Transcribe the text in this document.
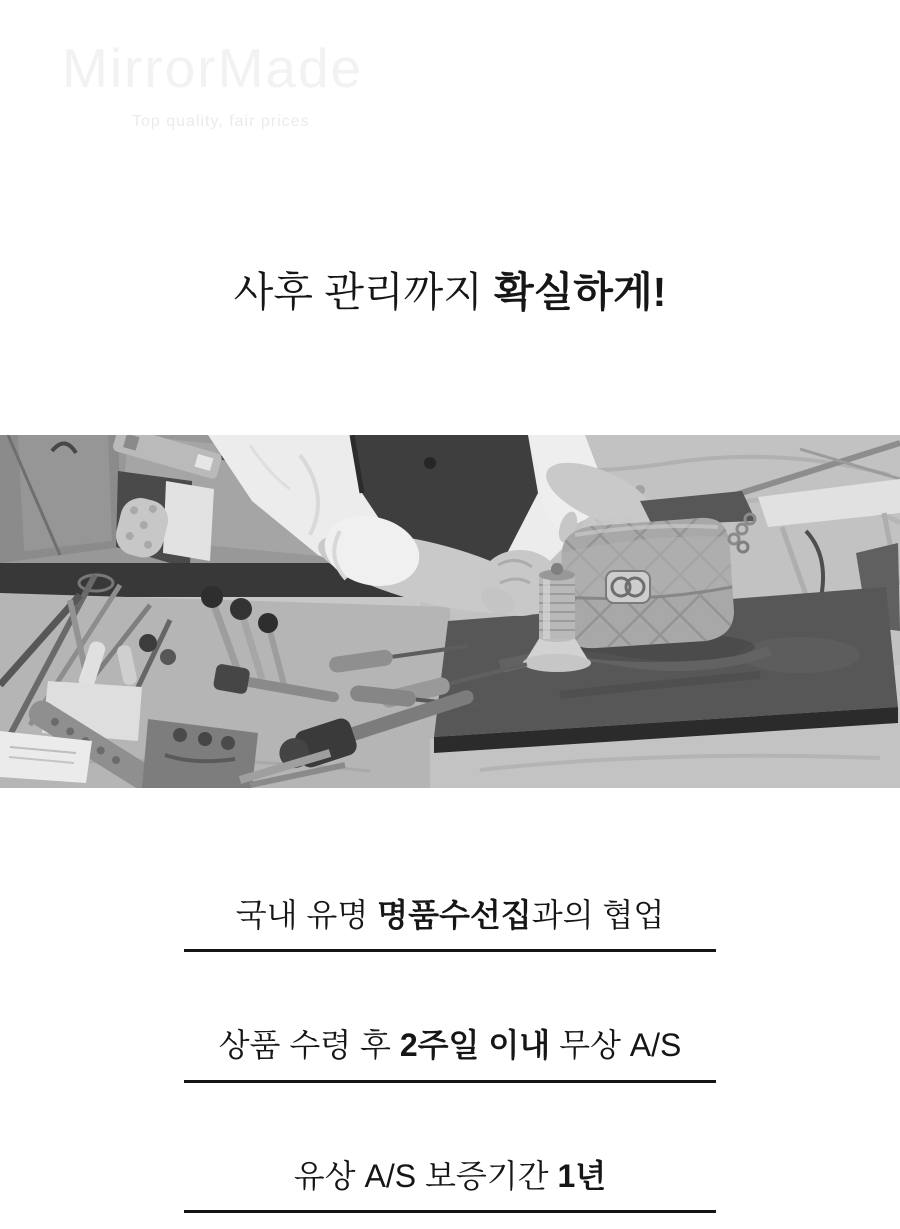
MirrorMade
Top quality, fair prices
사후 관리까지 확실하게!
국내 유명 명품수선집과의 협업
상품 수령 후 2주일 이내 무상 A/S
유상 A/S 보증기간 1년
